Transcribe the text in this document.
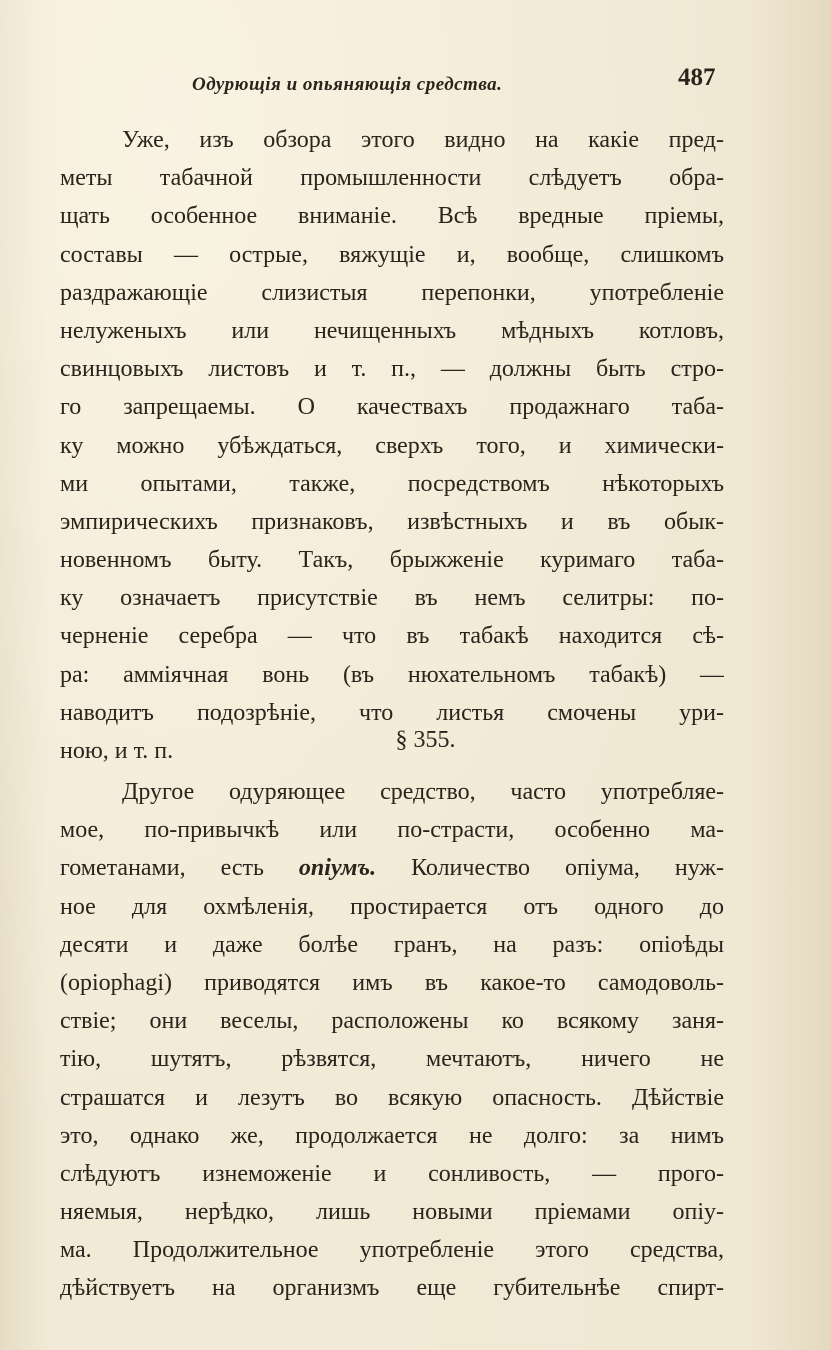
Одурющія и опьяняющія средства.	487
Уже, изъ обзора этого видно на какіе пред-
меты табачной промышленности слѣдуетъ обра-
щать особенное вниманіе. Всѣ вредные пріемы,
составы — острые, вяжущіе и, вообще, слишкомъ
раздражающіе слизистыя перепонки, употребленіе
нелуженыхъ или нечищенныхъ мѣдныхъ котловъ,
свинцовыхъ листовъ и т. п., — должны быть стро-
го запрещаемы. О качествахъ продажнаго таба-
ку можно убѣждаться, сверхъ того, и химически-
ми опытами, также, посредствомъ нѣкоторыхъ
эмпирическихъ признаковъ, извѣстныхъ и въ обык-
новенномъ быту. Такъ, брыжженіе куримаго таба-
ку означаетъ присутствіе въ немъ селитры: по-
черненіе серебра — что въ табакѣ находится сѣ-
ра: аммiячная вонь (въ нюхательномъ табакѣ) —
наводитъ подозрѣніе, что листья смочены ури-
ною, и т. п.	§ 355.
Другое одуряющее средство, часто употребляе-
мое, по-привычкѣ или по-страсти, особенно ма-
гометанами, есть опіумъ. Количество опіума, нуж-
ное для охмѣленія, простирается отъ одного до
десяти и даже болѣе гранъ, на разъ: опіоѣды
(opiophagi) приводятся имъ въ какое-то самодоволь-
ствіе; они веселы, расположены ко всякому заня-
тію, шутятъ, рѣзвятся, мечтаютъ, ничего не
страшатся и лезутъ во всякую опасность. Дѣйствіе
это, однако же, продолжается не долго: за нимъ
слѣдуютъ изнеможеніе и сонливость, — прого-
няемыя, нерѣдко, лишь новыми пріемами опіу-
ма. Продолжительное употребленіе этого средства,
дѣйствуетъ на организмъ еще губительнѣе спирт-
